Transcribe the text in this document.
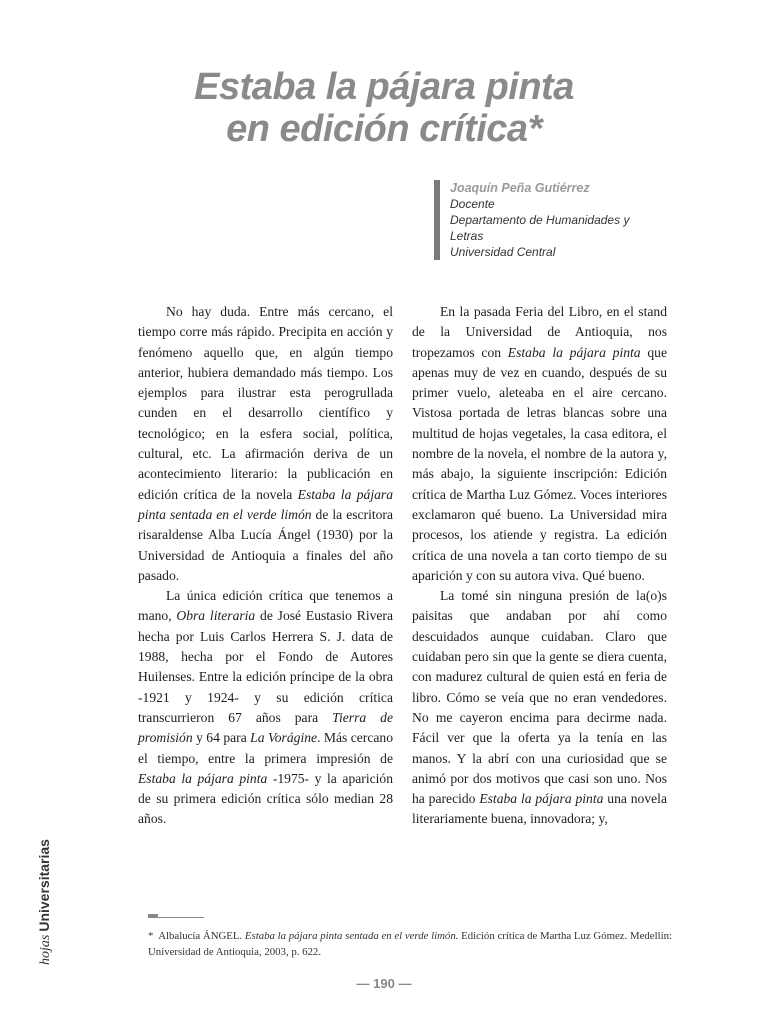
Estaba la pájara pinta
en edición crítica*
Joaquín Peña Gutiérrez
Docente
Departamento de Humanidades y
Letras
Universidad Central

No hay duda. Entre más cercano, el tiempo corre más rápido. Precipita en acción y fenómeno aquello que, en algún tiempo anterior, hubiera demandado más tiempo. Los ejemplos para ilustrar esta perogrullada cunden en el desarrollo científico y tecnológico; en la esfera social, política, cultural, etc. La afirmación deriva de un acontecimiento literario: la publicación en edición crítica de la novela Estaba la pájara pinta sentada en el verde limón de la escritora risaraldense Alba Lucía Ángel (1930) por la Universidad de Antioquia a finales del año pasado.

La única edición crítica que tenemos a mano, Obra literaria de José Eustasio Rivera hecha por Luis Carlos Herrera S. J. data de 1988, hecha por el Fondo de Autores Huilenses. Entre la edición príncipe de la obra -1921 y 1924- y su edición crítica transcurrieron 67 años para Tierra de promisión y 64 para La Vorágine. Más cercano el tiempo, entre la primera impresión de Estaba la pájara pinta -1975- y la aparición de su primera edición crítica sólo median 28 años.

En la pasada Feria del Libro, en el stand de la Universidad de Antioquia, nos tropezamos con Estaba la pájara pinta que apenas muy de vez en cuando, después de su primer vuelo, aleteaba en el aire cercano. Vistosa portada de letras blancas sobre una multitud de hojas vegetales, la casa editora, el nombre de la novela, el nombre de la autora y, más abajo, la siguiente inscripción: Edición crítica de Martha Luz Gómez. Voces interiores exclamaron qué bueno. La Universidad mira procesos, los atiende y registra. La edición crítica de una novela a tan corto tiempo de su aparición y con su autora viva. Qué bueno.

La tomé sin ninguna presión de la(o)s paisitas que andaban por ahí como descuidados aunque cuidaban. Claro que cuidaban pero sin que la gente se diera cuenta, con madurez cultural de quien está en feria de libro. Cómo se veía que no eran vendedores. No me cayeron encima para decirme nada. Fácil ver que la oferta ya la tenía en las manos. Y la abrí con una curiosidad que se animó por dos motivos que casi son uno. Nos ha parecido Estaba la pájara pinta una novela literariamente buena, innovadora; y,

hojasUniversitarias
* Albalucía ÁNGEL. Estaba la pájara pinta sentada en el verde limón. Edición crítica de Martha Luz Gómez. Medellín: Universidad de Antioquia, 2003, p. 622.
— 190 —
